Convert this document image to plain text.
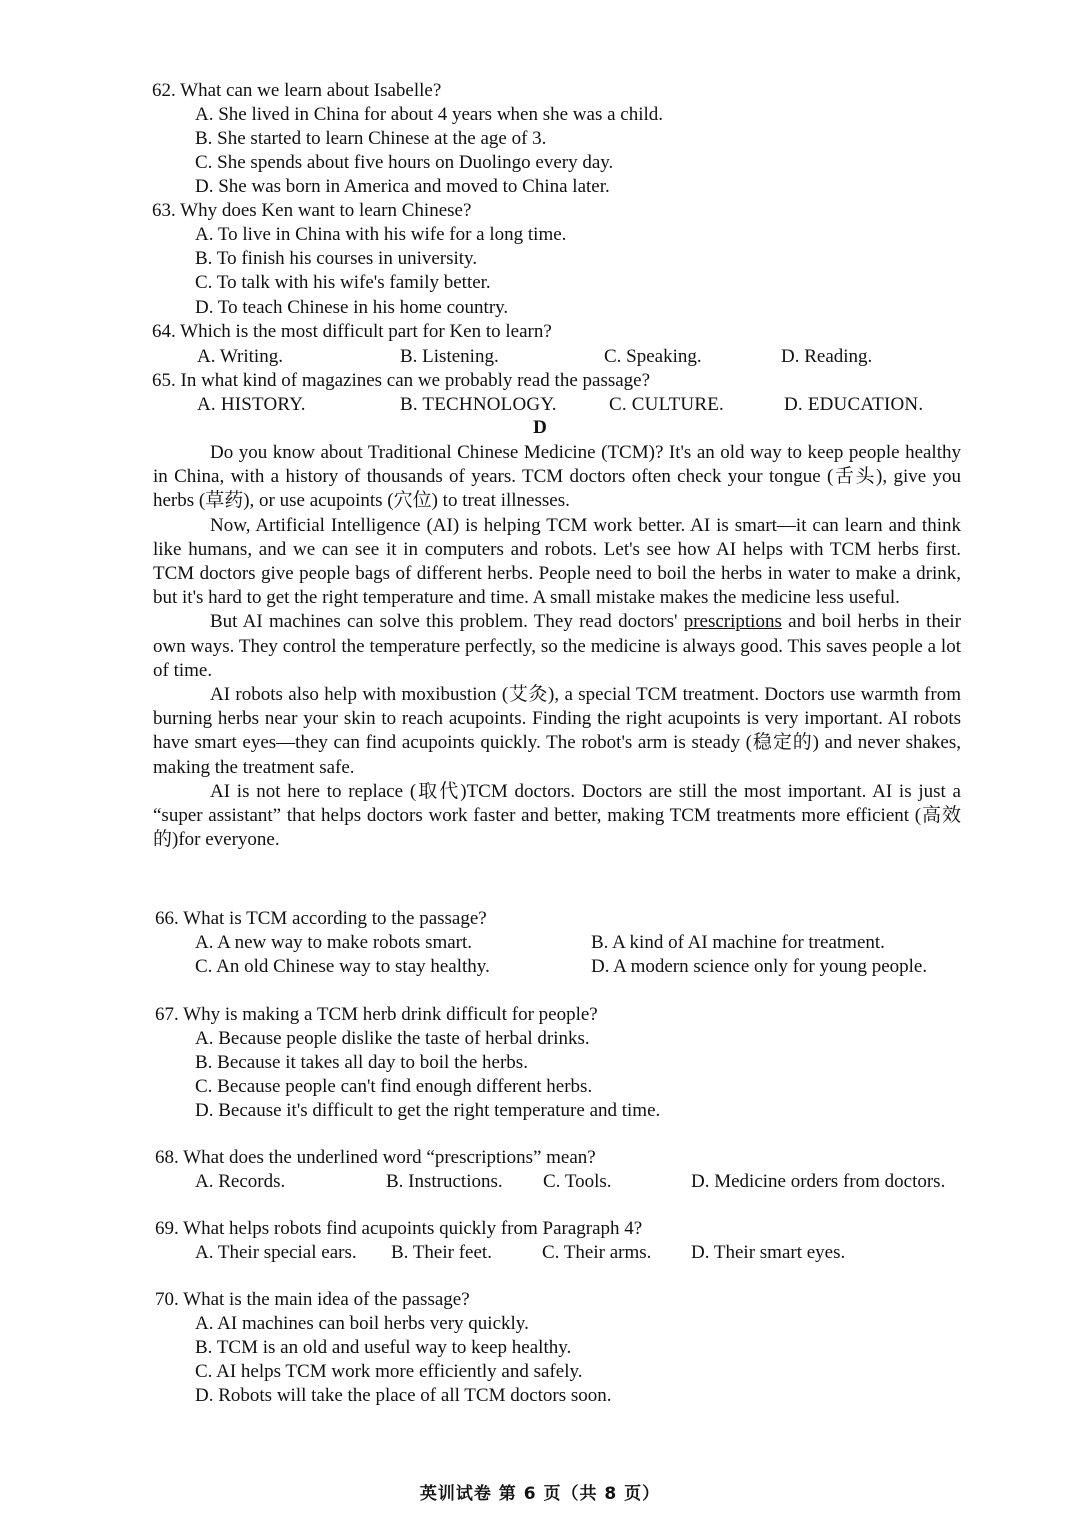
62. What can we learn about Isabelle?
A. She lived in China for about 4 years when she was a child.
B. She started to learn Chinese at the age of 3.
C. She spends about five hours on Duolingo every day.
D. She was born in America and moved to China later.
63. Why does Ken want to learn Chinese?
A. To live in China with his wife for a long time.
B. To finish his courses in university.
C. To talk with his wife's family better.
D. To teach Chinese in his home country.
64. Which is the most difficult part for Ken to learn?
A. Writing.	B. Listening.	C. Speaking.	D. Reading.
65. In what kind of magazines can we probably read the passage?
A. HISTORY.	B. TECHNOLOGY.	C. CULTURE.	D. EDUCATION.
D

Do you know about Traditional Chinese Medicine (TCM)? It's an old way to keep people healthy in China, with a history of thousands of years. TCM doctors often check your tongue (舌头), give you herbs (草药), or use acupoints (穴位) to treat illnesses.

Now, Artificial Intelligence (AI) is helping TCM work better. AI is smart—it can learn and think like humans, and we can see it in computers and robots. Let's see how AI helps with TCM herbs first. TCM doctors give people bags of different herbs. People need to boil the herbs in water to make a drink, but it's hard to get the right temperature and time. A small mistake makes the medicine less useful.

But AI machines can solve this problem. They read doctors' prescriptions and boil herbs in their own ways. They control the temperature perfectly, so the medicine is always good. This saves people a lot of time.

AI robots also help with moxibustion (艾灸), a special TCM treatment. Doctors use warmth from burning herbs near your skin to reach acupoints. Finding the right acupoints is very important. AI robots have smart eyes—they can find acupoints quickly. The robot's arm is steady (稳定的) and never shakes, making the treatment safe.

AI is not here to replace (取代)TCM doctors. Doctors are still the most important. AI is just a “super assistant” that helps doctors work faster and better, making TCM treatments more efficient (高效的)for everyone.

66. What is TCM according to the passage?
A. A new way to make robots smart.	B. A kind of AI machine for treatment.
C. An old Chinese way to stay healthy.	D. A modern science only for young people.
67. Why is making a TCM herb drink difficult for people?
A. Because people dislike the taste of herbal drinks.
B. Because it takes all day to boil the herbs.
C. Because people can't find enough different herbs.
D. Because it's difficult to get the right temperature and time.
68. What does the underlined word “prescriptions” mean?
A. Records.	B. Instructions. C. Tools.	D. Medicine orders from doctors.
69. What helps robots find acupoints quickly from Paragraph 4?
A. Their special ears. B. Their feet.	C. Their arms. D. Their smart eyes.
70. What is the main idea of the passage?
A. AI machines can boil herbs very quickly.
B. TCM is an old and useful way to keep healthy.
C. AI helps TCM work more efficiently and safely.
D. Robots will take the place of all TCM doctors soon.
英训试卷 第 6 页（共 8 页）
